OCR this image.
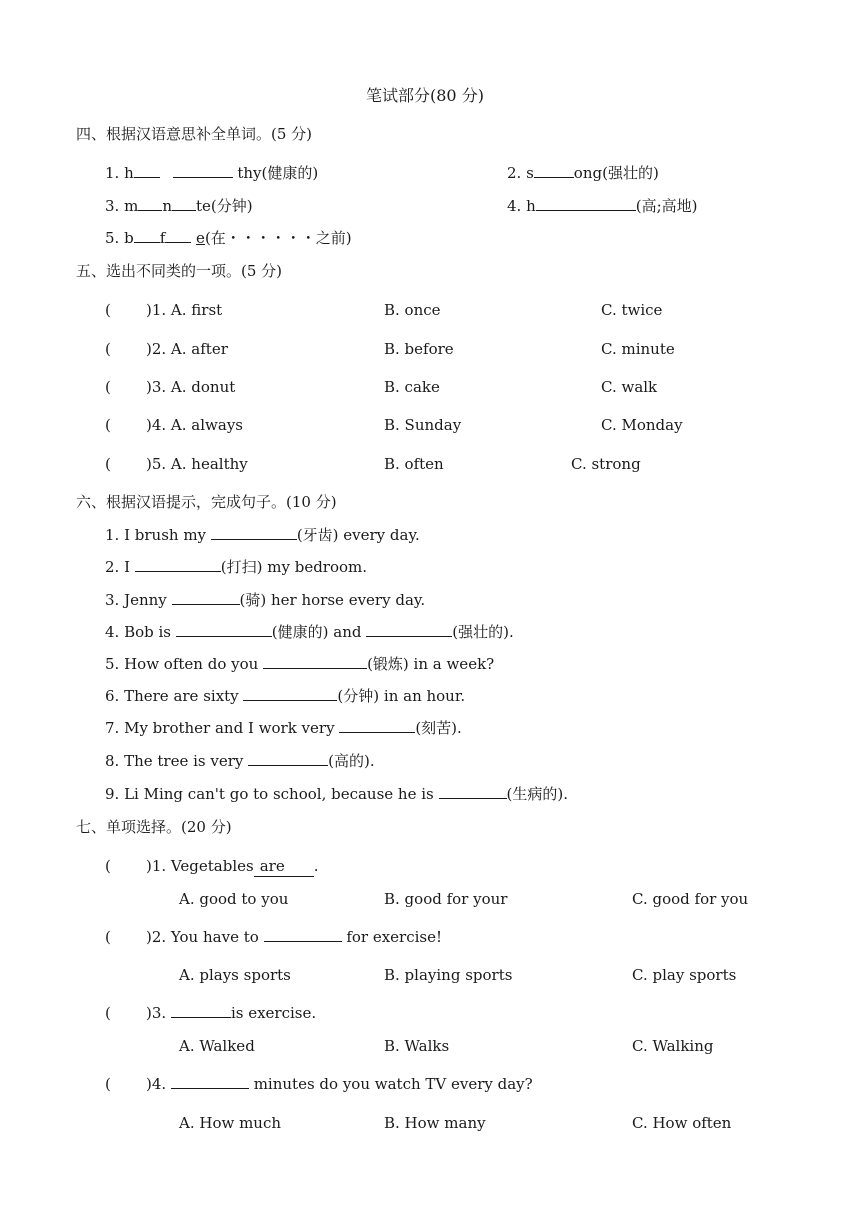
笔试部分(80 分)
四、根据汉语意思补全单词。(5 分)
1. h	thy(健康的)	2. s	ong(强壮的)
3. m n te(分钟)	4. h	(高;高地)
5. b f e(在・・・・・・之前)
五、选出不同类的一项。(5 分)
( )1. A. first	B. once	C. twice
( )2. A. after	B. before	C. minute
( )3. A. donut	B. cake	C. walk
( )4. A. always	B. Sunday	C. Monday
( )5. A. healthy	B. often	C. strong
六、根据汉语提示，完成句子。(10 分)
1. I brush my	(牙齿) every day.
2. I	(打扫) my bedroom.
3. Jenny	(骑) her horse every day.
4. Bob is	(健康的) and	(强壮的).
5. How often do you	(锻炼) in a week?
6. There are sixty	(分钟) in an hour.
7. My brother and I work very	(刻苦).
8. The tree is very	(高的).
9. Li Ming can't go to school, because he is	(生病的).
七、单项选择。(20 分)
( )1. Vegetables are .
A. good to you	B. good for your	C. good for you
( )2. You have to	for exercise!
A. plays sports	B. playing sports	C. play sports
( )3.	is exercise.
A. Walked	B. Walks	C. Walking
( )4.	minutes do you watch TV every day?
A. How much	B. How many	C. How often
